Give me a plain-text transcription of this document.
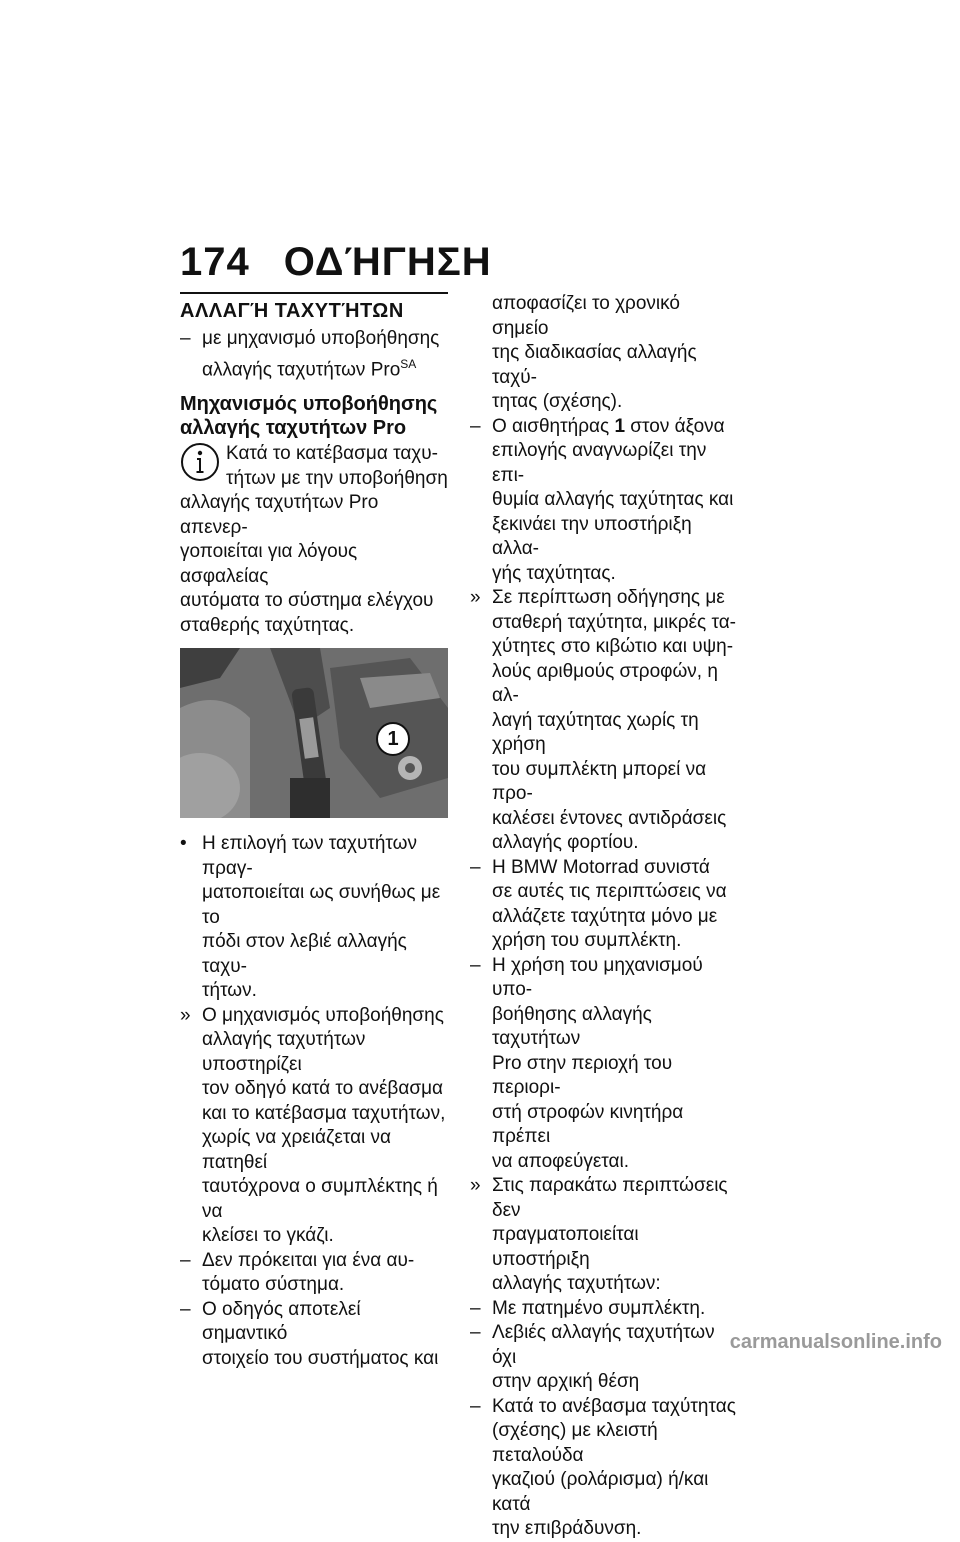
174 ΟΔΉΓΗΣΗ
ΑΛΛΑΓΉ ΤΑΧΥΤΉΤΩΝ
– με μηχανισμό υποβοήθησης
αλλαγής ταχυτήτων Pro$^{SA}$
Μηχανισμός υποβοήθησης
αλλαγής ταχυτήτων Pro
Κατά το κατέβασμα ταχυ-
τήτων με την υποβοήθηση
αλλαγής ταχυτήτων Pro απενερ-
γοποιείται για λόγους ασφαλείας
αυτόματα το σύστημα ελέγχου
σταθερής ταχύτητας.
1
• Η επιλογή των ταχυτήτων πραγ-
ματοποιείται ως συνήθως με το
πόδι στον λεβιέ αλλαγής ταχυ-
τήτων.
» Ο μηχανισμός υποβοήθησης
αλλαγής ταχυτήτων υποστηρίζει
τον οδηγό κατά το ανέβασμα
και το κατέβασμα ταχυτήτων,
χωρίς να χρειάζεται να πατηθεί
ταυτόχρονα ο συμπλέκτης ή να
κλείσει το γκάζι.
– Δεν πρόκειται για ένα αυ-
τόματο σύστημα.
– Ο οδηγός αποτελεί σημαντικό
στοιχείο του συστήματος και
αποφασίζει το χρονικό σημείο
της διαδικασίας αλλαγής ταχύ-
τητας (σχέσης).
– Ο αισθητήρας 1 στον άξονα
επιλογής αναγνωρίζει την επι-
θυμία αλλαγής ταχύτητας και
ξεκινάει την υποστήριξη αλλα-
γής ταχύτητας.
» Σε περίπτωση οδήγησης με
σταθερή ταχύτητα, μικρές τα-
χύτητες στο κιβώτιο και υψη-
λούς αριθμούς στροφών, η αλ-
λαγή ταχύτητας χωρίς τη χρήση
του συμπλέκτη μπορεί να προ-
καλέσει έντονες αντιδράσεις
αλλαγής φορτίου.
– Η BMW Motorrad συνιστά
σε αυτές τις περιπτώσεις να
αλλάζετε ταχύτητα μόνο με
χρήση του συμπλέκτη.
– Η χρήση του μηχανισμού υπο-
βοήθησης αλλαγής ταχυτήτων
Pro στην περιοχή του περιορι-
στή στροφών κινητήρα πρέπει
να αποφεύγεται.
» Στις παρακάτω περιπτώσεις δεν
πραγματοποιείται υποστήριξη
αλλαγής ταχυτήτων:
– Με πατημένο συμπλέκτη.
– Λεβιές αλλαγής ταχυτήτων όχι
στην αρχική θέση
– Κατά το ανέβασμα ταχύτητας
(σχέσης) με κλειστή πεταλούδα
γκαζιού (ρολάρισμα) ή/και κατά
την επιβράδυνση.
carmanualsonline.info
